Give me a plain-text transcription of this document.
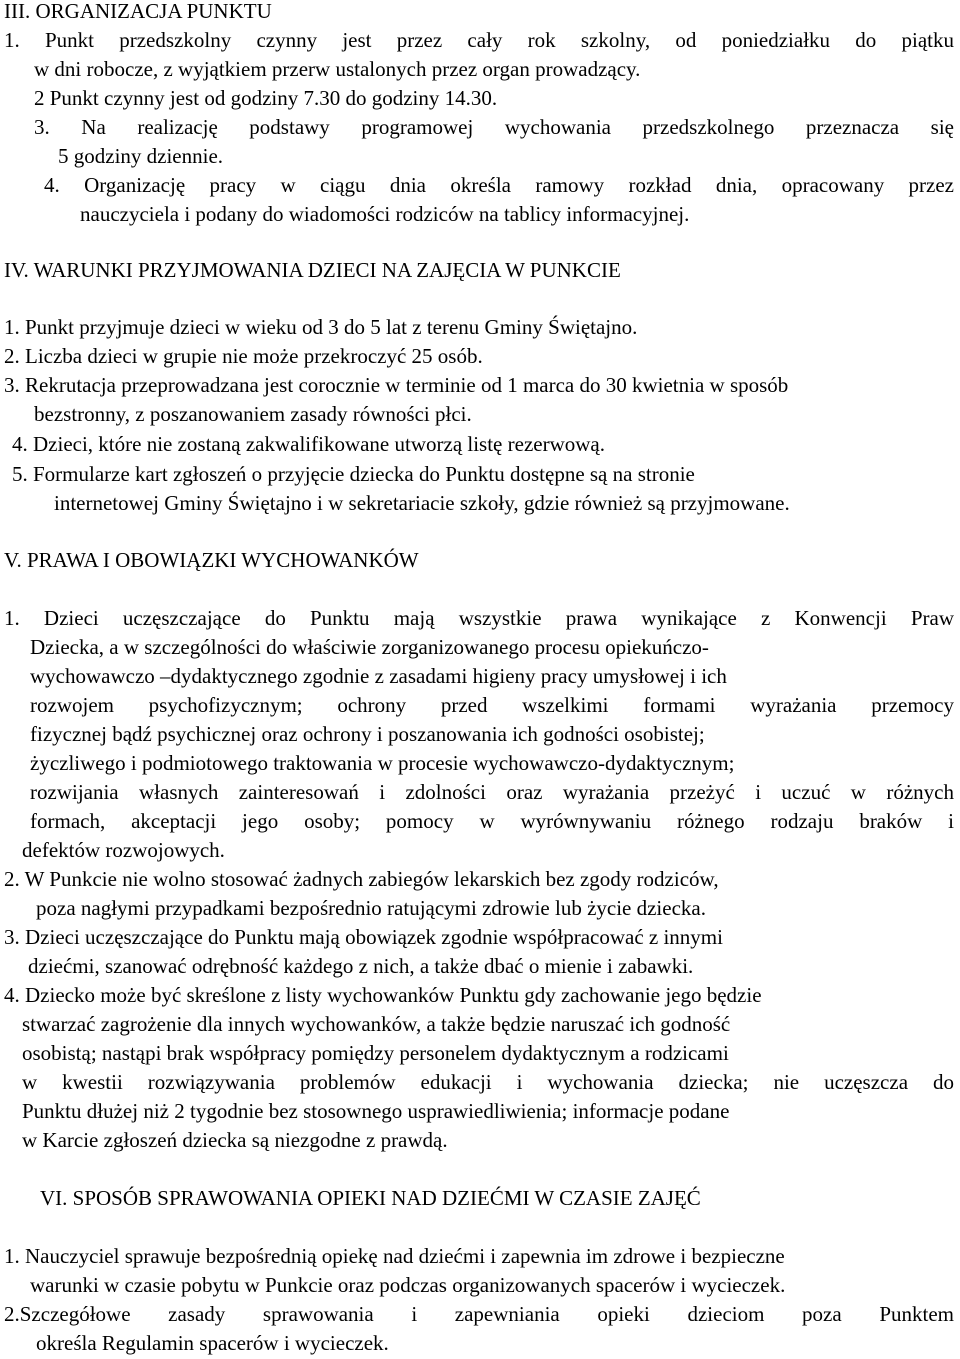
III. ORGANIZACJA PUNKTU
1. Punkt przedszkolny czynny jest przez cały rok szkolny, od poniedziałku do piątku
w dni robocze, z wyjątkiem przerw ustalonych przez organ prowadzący.
2 Punkt czynny jest od godziny 7.30 do godziny 14.30.
3. Na realizację podstawy programowej wychowania przedszkolnego przeznacza się
5 godziny dziennie.
4. Organizację pracy w ciągu dnia określa ramowy rozkład dnia, opracowany przez
nauczyciela i podany do wiadomości rodziców na tablicy informacyjnej.
IV. WARUNKI PRZYJMOWANIA DZIECI NA ZAJĘCIA W PUNKCIE
1. Punkt przyjmuje dzieci w wieku od 3 do 5 lat z terenu Gminy Świętajno.
2. Liczba dzieci w grupie nie może przekroczyć 25 osób.
3. Rekrutacja przeprowadzana jest corocznie w terminie od 1 marca do 30 kwietnia w sposób
bezstronny, z poszanowaniem zasady równości płci.
4. Dzieci, które nie zostaną zakwalifikowane utworzą listę rezerwową.
5. Formularze kart zgłoszeń o przyjęcie dziecka do Punktu dostępne są na stronie
internetowej Gminy Świętajno i w sekretariacie szkoły, gdzie również są przyjmowane.
V. PRAWA I OBOWIĄZKI WYCHOWANKÓW
1. Dzieci uczęszczające do Punktu mają wszystkie prawa wynikające z Konwencji Praw
Dziecka, a w szczególności do właściwie zorganizowanego procesu opiekuńczo-
wychowawczo –dydaktycznego zgodnie z zasadami higieny pracy umysłowej i ich
rozwojem psychofizycznym; ochrony przed wszelkimi formami wyrażania przemocy
fizycznej bądź psychicznej oraz ochrony i poszanowania ich godności osobistej;
życzliwego i podmiotowego traktowania w procesie wychowawczo-dydaktycznym;
rozwijania własnych zainteresowań i zdolności oraz wyrażania przeżyć i uczuć w różnych
formach, akceptacji jego osoby; pomocy w wyrównywaniu różnego rodzaju braków i
defektów rozwojowych.
2. W Punkcie nie wolno stosować żadnych zabiegów lekarskich bez zgody rodziców,
poza nagłymi przypadkami bezpośrednio ratującymi zdrowie lub życie dziecka.
3. Dzieci uczęszczające do Punktu mają obowiązek zgodnie współpracować z innymi
dziećmi, szanować odrębność każdego z nich, a także dbać o mienie i zabawki.
4. Dziecko może być skreślone z listy wychowanków Punktu gdy zachowanie jego będzie
stwarzać zagrożenie dla innych wychowanków, a także będzie naruszać ich godność
osobistą; nastąpi brak współpracy pomiędzy personelem dydaktycznym a rodzicami
w kwestii rozwiązywania problemów edukacji i wychowania dziecka; nie uczęszcza do
Punktu dłużej niż 2 tygodnie bez stosownego usprawiedliwienia; informacje podane
w Karcie zgłoszeń dziecka są niezgodne z prawdą.
VI. SPOSÓB SPRAWOWANIA OPIEKI NAD DZIEĆMI W CZASIE ZAJĘĆ
1. Nauczyciel sprawuje bezpośrednią opiekę nad dziećmi i zapewnia im zdrowe i bezpieczne
warunki w czasie pobytu w Punkcie oraz podczas organizowanych spacerów i wycieczek.
2.Szczegółowe zasady sprawowania i zapewniania opieki dzieciom poza Punktem
określa Regulamin spacerów i wycieczek.
